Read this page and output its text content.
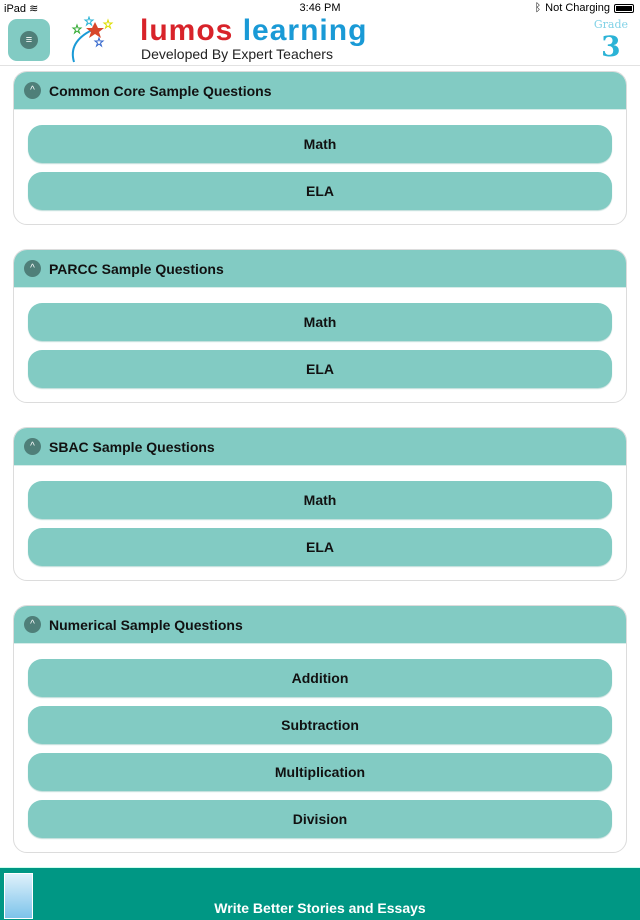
iPad ≋	3:46 PM	ᛒ Not Charging
≡	lumos learning
Developed By Expert Teachers
Grade
3
^	Common Core Sample Questions
Math
ELA
^	PARCC Sample Questions
Math
ELA
^	SBAC Sample Questions
Math
ELA
^	Numerical Sample Questions
Addition
Subtraction
Multiplication
Division
Write Better Stories and Essays
